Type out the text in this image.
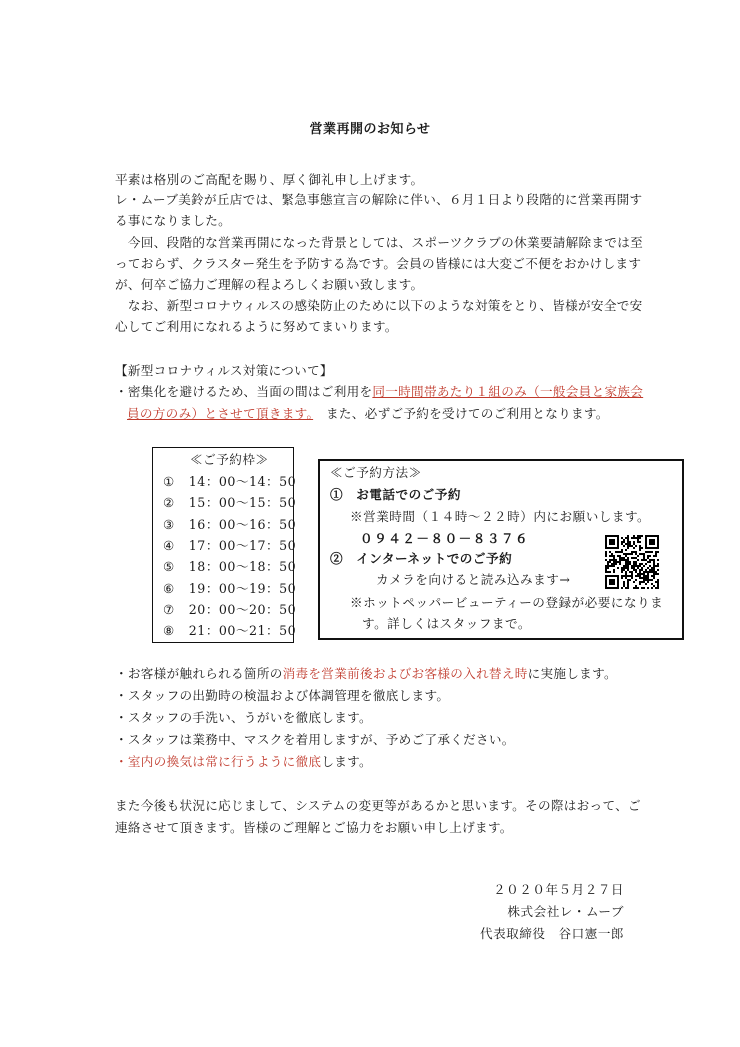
営業再開のお知らせ
平素は格別のご高配を賜り、厚く御礼申し上げます。
レ・ムーブ美鈴が丘店では、緊急事態宣言の解除に伴い、６月１日より段階的に営業再開す
る事になりました。
　今回、段階的な営業再開になった背景としては、スポーツクラブの休業要請解除までは至
っておらず、クラスター発生を予防する為です。会員の皆様には大変ご不便をおかけします
が、何卒ご協力ご理解の程よろしくお願い致します。
　なお、新型コロナウィルスの感染防止のために以下のような対策をとり、皆様が安全で安
心してご利用になれるように努めてまいります。
【新型コロナウィルス対策について】
・密集化を避けるため、当面の間はご利用を同一時間帯あたり１組のみ（一般会員と家族会
員の方のみ）とさせて頂きます。　また、必ずご予約を受けてのご利用となります。
≪ご予約枠≫
① 14：00～14：50
② 15：00～15：50
③ 16：00～16：50
④ 17：00～17：50
⑤ 18：00～18：50
⑥ 19：00～19：50
⑦ 20：00～20：50
⑧ 21：00～21：50
≪ご予約方法≫
①　 お電話でのご予約
※営業時間（１４時～２２時）内にお願いします。
０９４２－８０－８３７６
②　 インターネットでのご予約
カメラを向けると読み込みます→
※ホットペッパービューティーの登録が必要になりま
す。詳しくはスタッフまで。
・お客様が触れられる箇所の消毒を営業前後およびお客様の入れ替え時に実施します。
・スタッフの出勤時の検温および体調管理を徹底します。
・スタッフの手洗い、うがいを徹底します。
・スタッフは業務中、マスクを着用しますが、予めご了承ください。
・室内の換気は常に行うように徹底します。
また今後も状況に応じまして、システムの変更等があるかと思います。その際はおって、ご
連絡させて頂きます。皆様のご理解とご協力をお願い申し上げます。
２０２０年５月２７日
株式会社レ・ムーブ
代表取締役　谷口憲一郎
